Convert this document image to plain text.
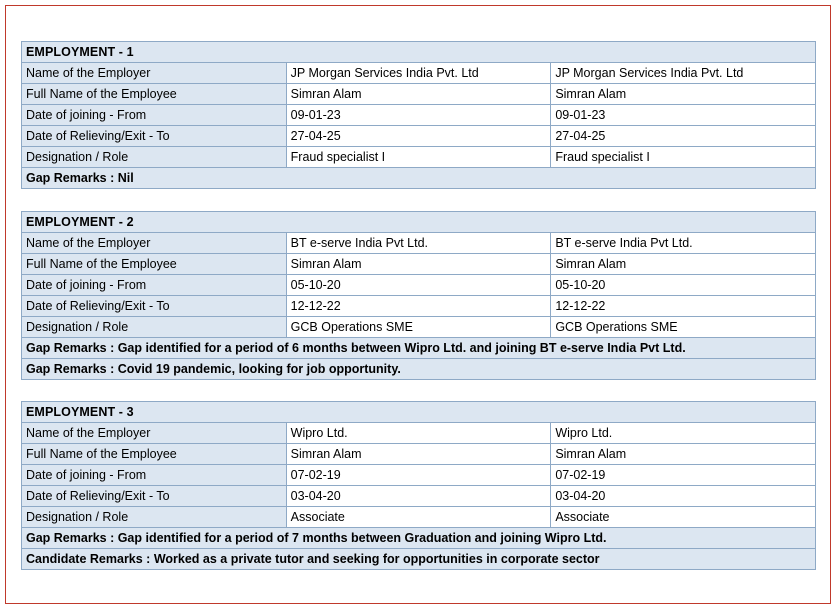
EMPLOYMENT - 1		
Name of the Employer	JP Morgan Services India Pvt. Ltd	JP Morgan Services India Pvt. Ltd
Full Name of the Employee	Simran Alam	Simran Alam
Date of joining - From	09-01-23	09-01-23
Date of Relieving/Exit - To	27-04-25	27-04-25
Designation / Role	Fraud specialist I	Fraud specialist I
Gap Remarks : Nil		
EMPLOYMENT - 2		
Name of the Employer	BT e-serve India Pvt Ltd.	BT e-serve India Pvt Ltd.
Full Name of the Employee	Simran Alam	Simran Alam
Date of joining - From	05-10-20	05-10-20
Date of Relieving/Exit - To	12-12-22	12-12-22
Designation / Role	GCB Operations SME	GCB Operations SME
Gap Remarks : Gap identified for a period of 6 months between Wipro Ltd. and joining BT e-serve India Pvt Ltd.		
Gap Remarks : Covid 19 pandemic, looking for job opportunity.		
EMPLOYMENT - 3		
Name of the Employer	Wipro Ltd.	Wipro Ltd.
Full Name of the Employee	Simran Alam	Simran Alam
Date of joining - From	07-02-19	07-02-19
Date of Relieving/Exit - To	03-04-20	03-04-20
Designation / Role	Associate	Associate
Gap Remarks : Gap identified for a period of 7 months between Graduation and joining Wipro Ltd.		
Candidate Remarks : Worked as a private tutor and seeking for opportunities in corporate sector		
